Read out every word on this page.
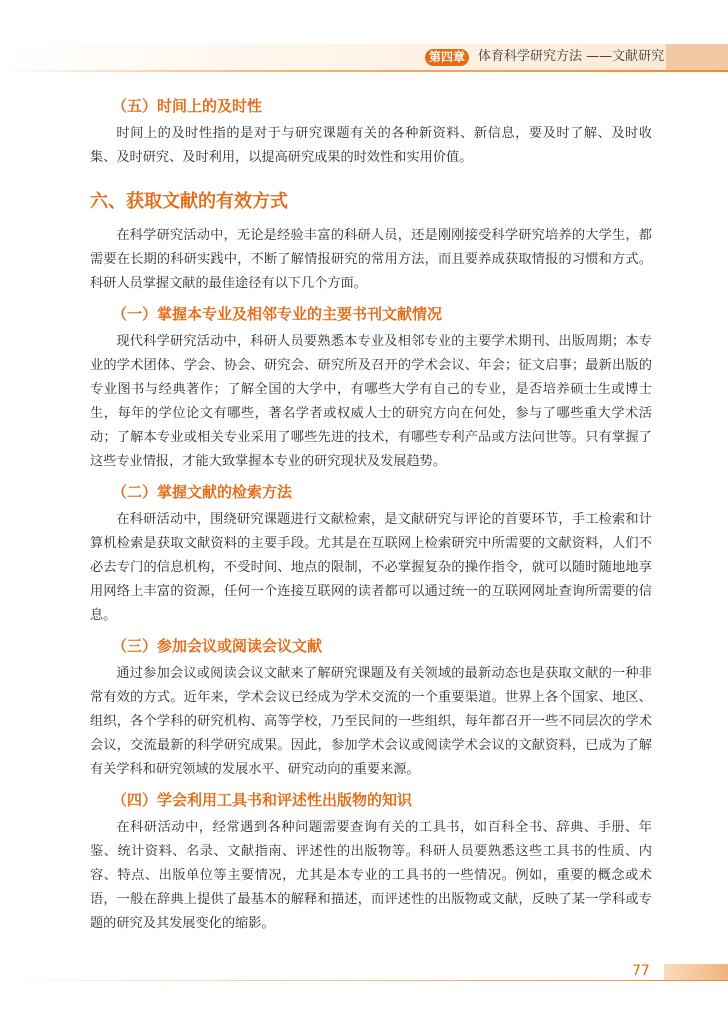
第四章	体育科学研究方法 ——文献研究
（五）时间上的及时性

时间上的及时性指的是对于与研究课题有关的各种新资料、新信息，要及时了解、及时收集、及时研究、及时利用，以提高研究成果的时效性和实用价值。

六、获取文献的有效方式

在科学研究活动中，无论是经验丰富的科研人员，还是刚刚接受科学研究培养的大学生，都需要在长期的科研实践中，不断了解情报研究的常用方法，而且要养成获取情报的习惯和方式。科研人员掌握文献的最佳途径有以下几个方面。

（一）掌握本专业及相邻专业的主要书刊文献情况

现代科学研究活动中，科研人员要熟悉本专业及相邻专业的主要学术期刊、出版周期；本专业的学术团体、学会、协会、研究会、研究所及召开的学术会议、年会；征文启事；最新出版的专业图书与经典著作；了解全国的大学中，有哪些大学有自己的专业，是否培养硕士生或博士生，每年的学位论文有哪些，著名学者或权威人士的研究方向在何处，参与了哪些重大学术活动；了解本专业或相关专业采用了哪些先进的技术，有哪些专利产品或方法问世等。只有掌握了这些专业情报，才能大致掌握本专业的研究现状及发展趋势。

（二）掌握文献的检索方法

在科研活动中，围绕研究课题进行文献检索，是文献研究与评论的首要环节，手工检索和计算机检索是获取文献资料的主要手段。尤其是在互联网上检索研究中所需要的文献资料，人们不必去专门的信息机构，不受时间、地点的限制，不必掌握复杂的操作指令，就可以随时随地地享用网络上丰富的资源，任何一个连接互联网的读者都可以通过统一的互联网网址查询所需要的信息。

（三）参加会议或阅读会议文献

通过参加会议或阅读会议文献来了解研究课题及有关领域的最新动态也是获取文献的一种非常有效的方式。近年来，学术会议已经成为学术交流的一个重要渠道。世界上各个国家、地区、组织，各个学科的研究机构、高等学校，乃至民间的一些组织，每年都召开一些不同层次的学术会议，交流最新的科学研究成果。因此，参加学术会议或阅读学术会议的文献资料，已成为了解有关学科和研究领域的发展水平、研究动向的重要来源。

（四）学会利用工具书和评述性出版物的知识

在科研活动中，经常遇到各种问题需要查询有关的工具书，如百科全书、辞典、手册、年鉴、统计资料、名录、文献指南、评述性的出版物等。科研人员要熟悉这些工具书的性质、内容、特点、出版单位等主要情况，尤其是本专业的工具书的一些情况。例如，重要的概念或术语，一般在辞典上提供了最基本的解释和描述，而评述性的出版物或文献，反映了某一学科或专题的研究及其发展变化的缩影。

77
